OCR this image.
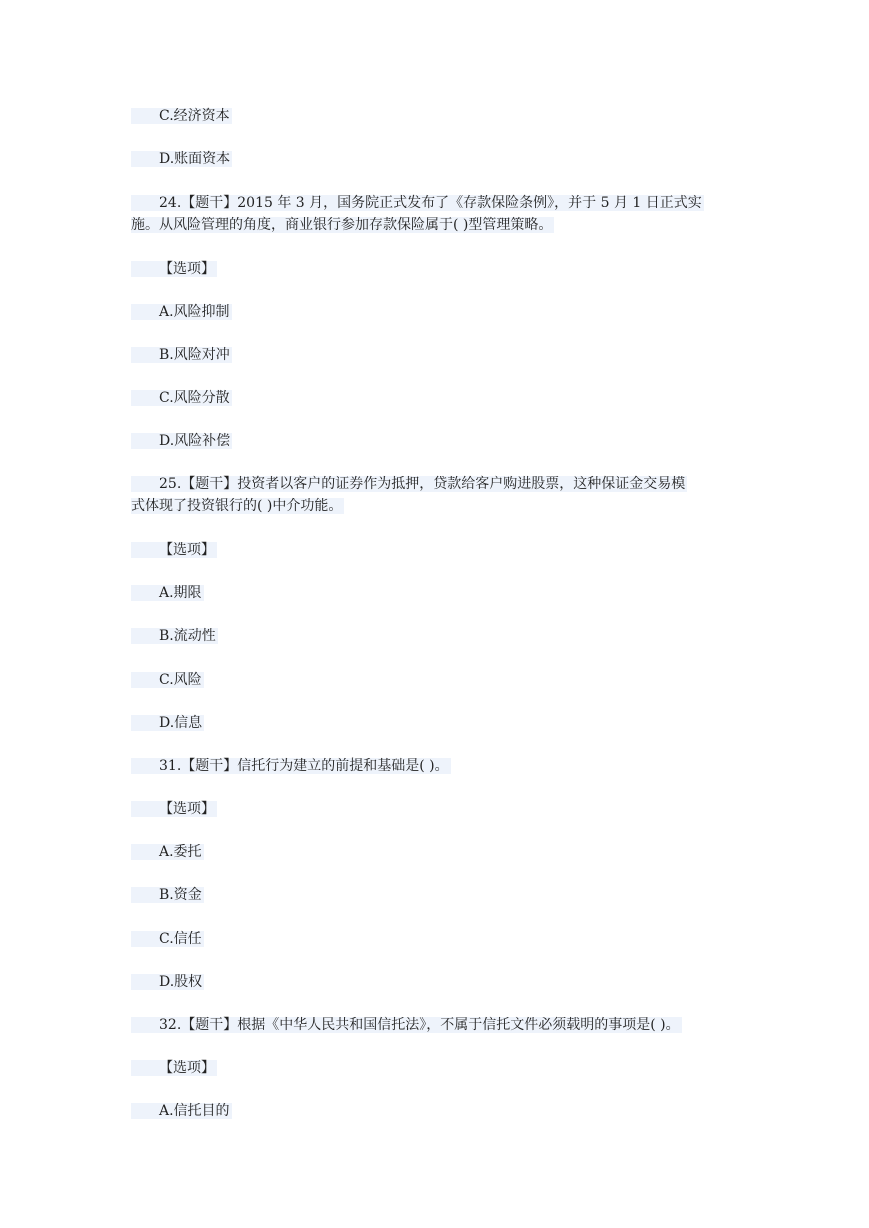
C.经济资本
D.账面资本
24.【题干】2015 年 3 月，国务院正式发布了《存款保险条例》，并于 5 月 1 日正式实
施。从风险管理的角度，商业银行参加存款保险属于( )型管理策略。
【选项】
A.风险抑制
B.风险对冲
C.风险分散
D.风险补偿
25.【题干】投资者以客户的证券作为抵押，贷款给客户购进股票，这种保证金交易模
式体现了投资银行的( )中介功能。
【选项】
A.期限
B.流动性
C.风险
D.信息
31.【题干】信托行为建立的前提和基础是( )。
【选项】
A.委托
B.资金
C.信任
D.股权
32.【题干】根据《中华人民共和国信托法》，不属于信托文件必须载明的事项是( )。
【选项】
A.信托目的
